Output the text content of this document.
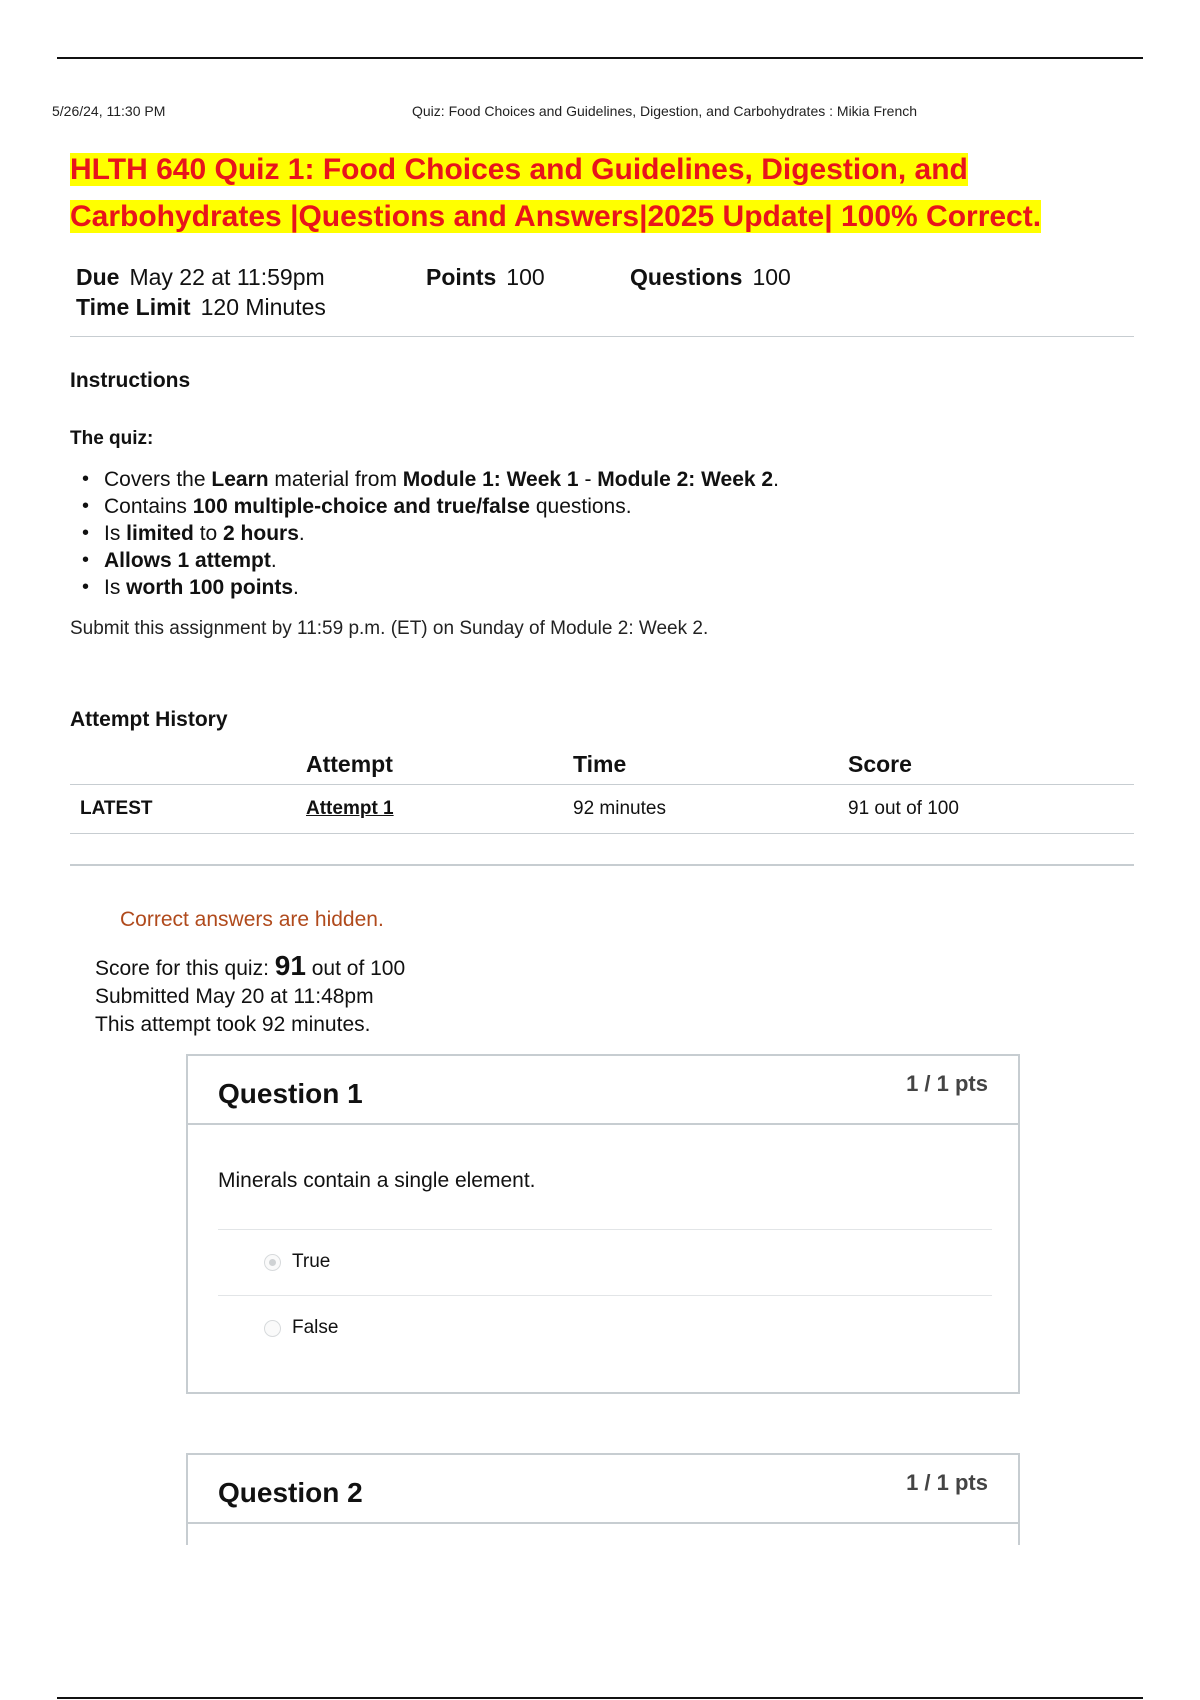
5/26/24, 11:30 PM	Quiz: Food Choices and Guidelines, Digestion, and Carbohydrates : Mikia French
HLTH 640 Quiz 1: Food Choices and Guidelines, Digestion, and
Carbohydrates |Questions and Answers|2025 Update| 100% Correct.
Due May 22 at 11:59pm	Points 100	Questions 100
Time Limit 120 Minutes
Instructions
The quiz:
• Covers the Learn material from Module 1: Week 1 - Module 2: Week 2.
• Contains 100 multiple-choice and true/false questions.
• Is limited to 2 hours.
• Allows 1 attempt.
• Is worth 100 points.
Submit this assignment by 11:59 p.m. (ET) on Sunday of Module 2: Week 2.
Attempt History
	Attempt	Time	Score
LATEST	Attempt 1	92 minutes	91 out of 100
Correct answers are hidden.
Score for this quiz: 91 out of 100
Submitted May 20 at 11:48pm
This attempt took 92 minutes.
Question 1	1 / 1 pts
Minerals contain a single element.
True
False
Question 2	1 / 1 pts
